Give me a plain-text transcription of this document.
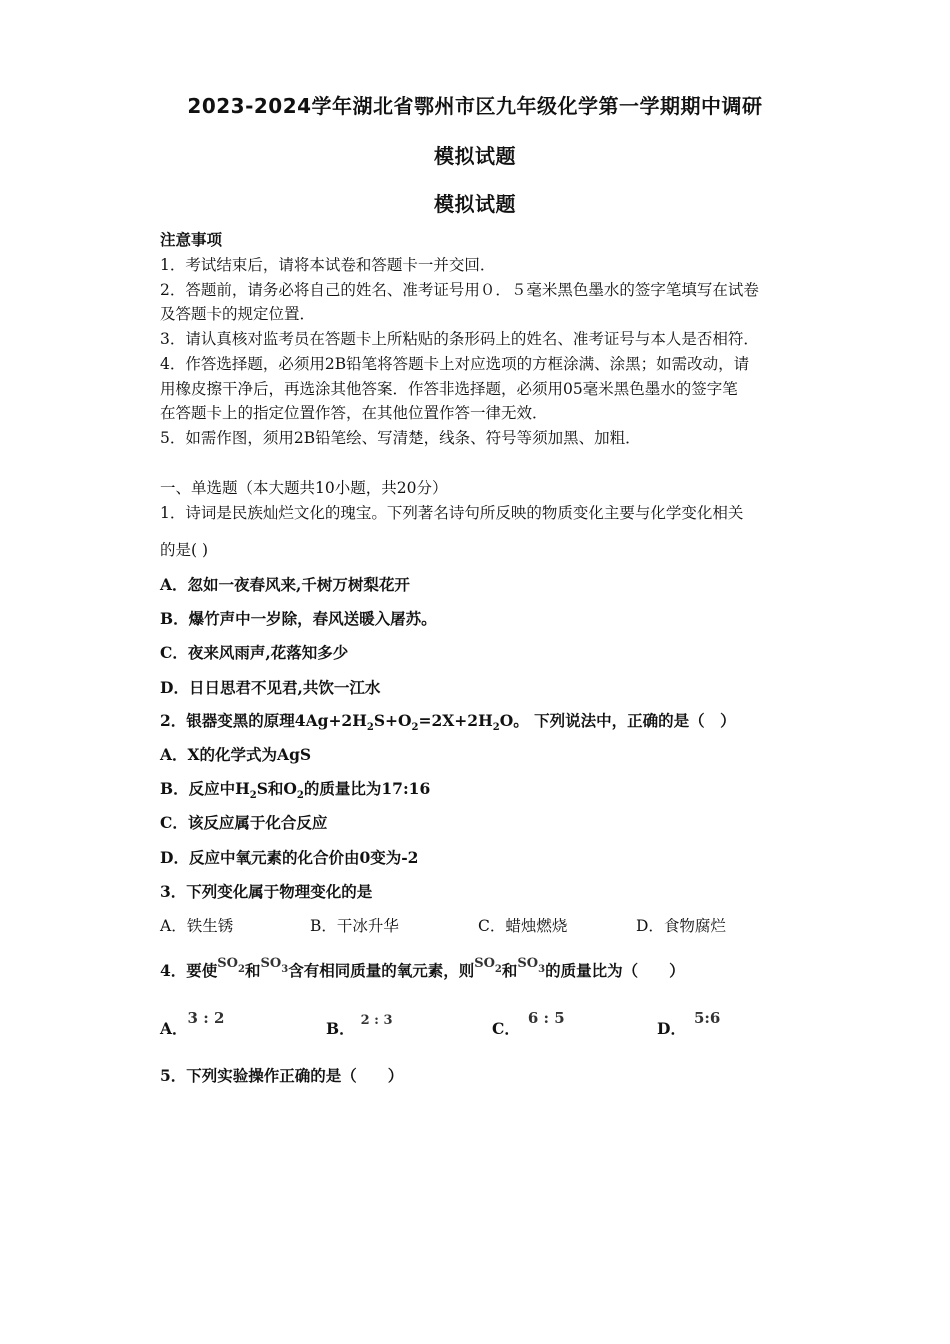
2023-2024学年湖北省鄂州市区九年级化学第一学期期中调研
模拟试题
模拟试题
注意事项
1．考试结束后，请将本试卷和答题卡一并交回．
2．答题前，请务必将自己的姓名、准考证号用０．５毫米黑色墨水的签字笔填写在试卷
及答题卡的规定位置．
3．请认真核对监考员在答题卡上所粘贴的条形码上的姓名、准考证号与本人是否相符．
4．作答选择题，必须用2B铅笔将答题卡上对应选项的方框涂满、涂黑；如需改动，请
用橡皮擦干净后，再选涂其他答案．作答非选择题，必须用05毫米黑色墨水的签字笔
在答题卡上的指定位置作答，在其他位置作答一律无效．
5．如需作图，须用2B铅笔绘、写清楚，线条、符号等须加黑、加粗．
一、单选题（本大题共10小题，共20分）
1．诗词是民族灿烂文化的瑰宝。下列著名诗句所反映的物质变化主要与化学变化相关
的是( )
A．忽如一夜春风来,千树万树梨花开
B．爆竹声中一岁除，春风送暖入屠苏。
C．夜来风雨声,花落知多少
D．日日思君不见君,共饮一江水
2．银器变黑的原理$4Ag+2H_2S+O_2=2X+2H_2O$。 下列说法中，正确的是（　）
A．X的化学式为AgS
B．反应中$H_2S$和$O_2$的质量比为17:16
C．该反应属于化合反应
D．反应中氧元素的化合价由0变为-2
3．下列变化属于物理变化的是
A．铁生锈	B．干冰升华	C．蜡烛燃烧	D．食物腐烂
4．要使$^{SO2}$和$^{SO3}$含有相同质量的氧元素，则$^{SO2}$和$^{SO3}$的质量比为（　　）
A．3 : 2
B． $^{2 : 3}$	C．6 : 5
D．5:6
5．下列实验操作正确的是（　　）
